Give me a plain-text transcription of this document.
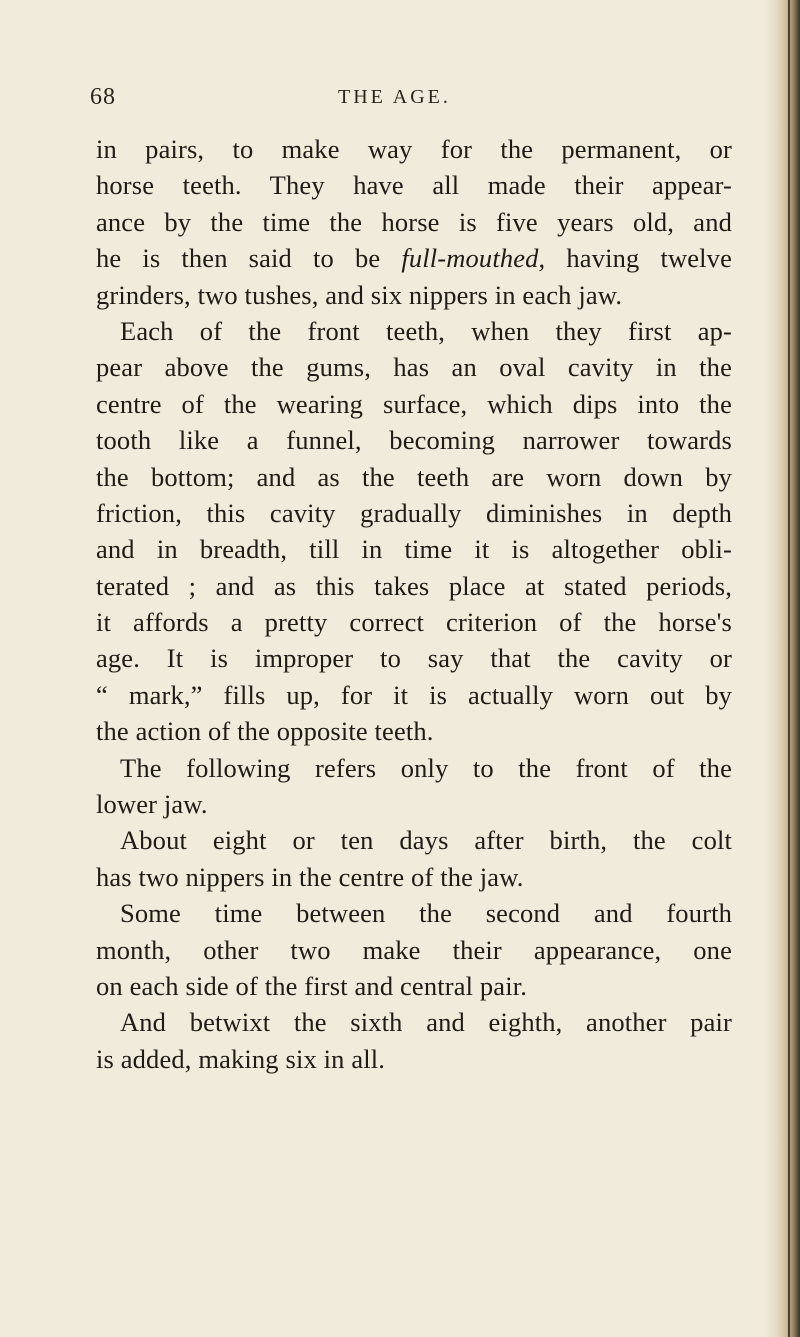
68	THE AGE.
in pairs, to make way for the permanent, or
horse teeth. They have all made their appear-
ance by the time the horse is five years old, and
he is then said to be full-mouthed, having twelve
grinders, two tushes, and six nippers in each jaw.
Each of the front teeth, when they first ap-
pear above the gums, has an oval cavity in the
centre of the wearing surface, which dips into the
tooth like a funnel, becoming narrower towards
the bottom; and as the teeth are worn down by
friction, this cavity gradually diminishes in depth
and in breadth, till in time it is altogether obli-
terated ; and as this takes place at stated periods,
it affords a pretty correct criterion of the horse's
age. It is improper to say that the cavity or
“ mark,” fills up, for it is actually worn out by
the action of the opposite teeth.
The following refers only to the front of the
lower jaw.
About eight or ten days after birth, the colt
has two nippers in the centre of the jaw.
Some time between the second and fourth
month, other two make their appearance, one
on each side of the first and central pair.
And betwixt the sixth and eighth, another pair
is added, making six in all.
